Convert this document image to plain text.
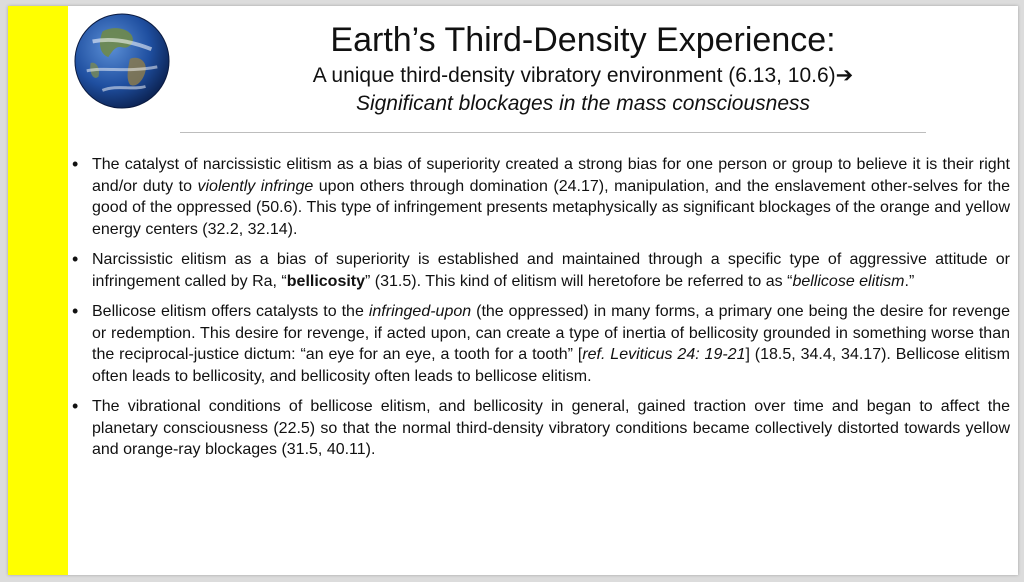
Earth’s Third-Density Experience:
A unique third-density vibratory environment (6.13, 10.6)➔
Significant blockages in the mass consciousness
• The catalyst of narcissistic elitism as a bias of superiority created a strong bias for one person or group to believe it is their right and/or duty to violently infringe upon others through domination (24.17), manipulation, and the enslavement other-selves for the good of the oppressed (50.6). This type of infringement presents metaphysically as significant blockages of the orange and yellow energy centers (32.2, 32.14).
• Narcissistic elitism as a bias of superiority is established and maintained through a specific type of aggressive attitude or infringement called by Ra, “bellicosity” (31.5). This kind of elitism will heretofore be referred to as “bellicose elitism.”
• Bellicose elitism offers catalysts to the infringed-upon (the oppressed) in many forms, a primary one being the desire for revenge or redemption. This desire for revenge, if acted upon, can create a type of inertia of bellicosity grounded in something worse than the reciprocal-justice dictum: “an eye for an eye, a tooth for a tooth” [ref. Leviticus 24: 19-21] (18.5, 34.4, 34.17). Bellicose elitism often leads to bellicosity, and bellicosity often leads to bellicose elitism.
• The vibrational conditions of bellicose elitism, and bellicosity in general, gained traction over time and began to affect the planetary consciousness (22.5) so that the normal third-density vibratory conditions became collectively distorted towards yellow and orange-ray blockages (31.5, 40.11).
